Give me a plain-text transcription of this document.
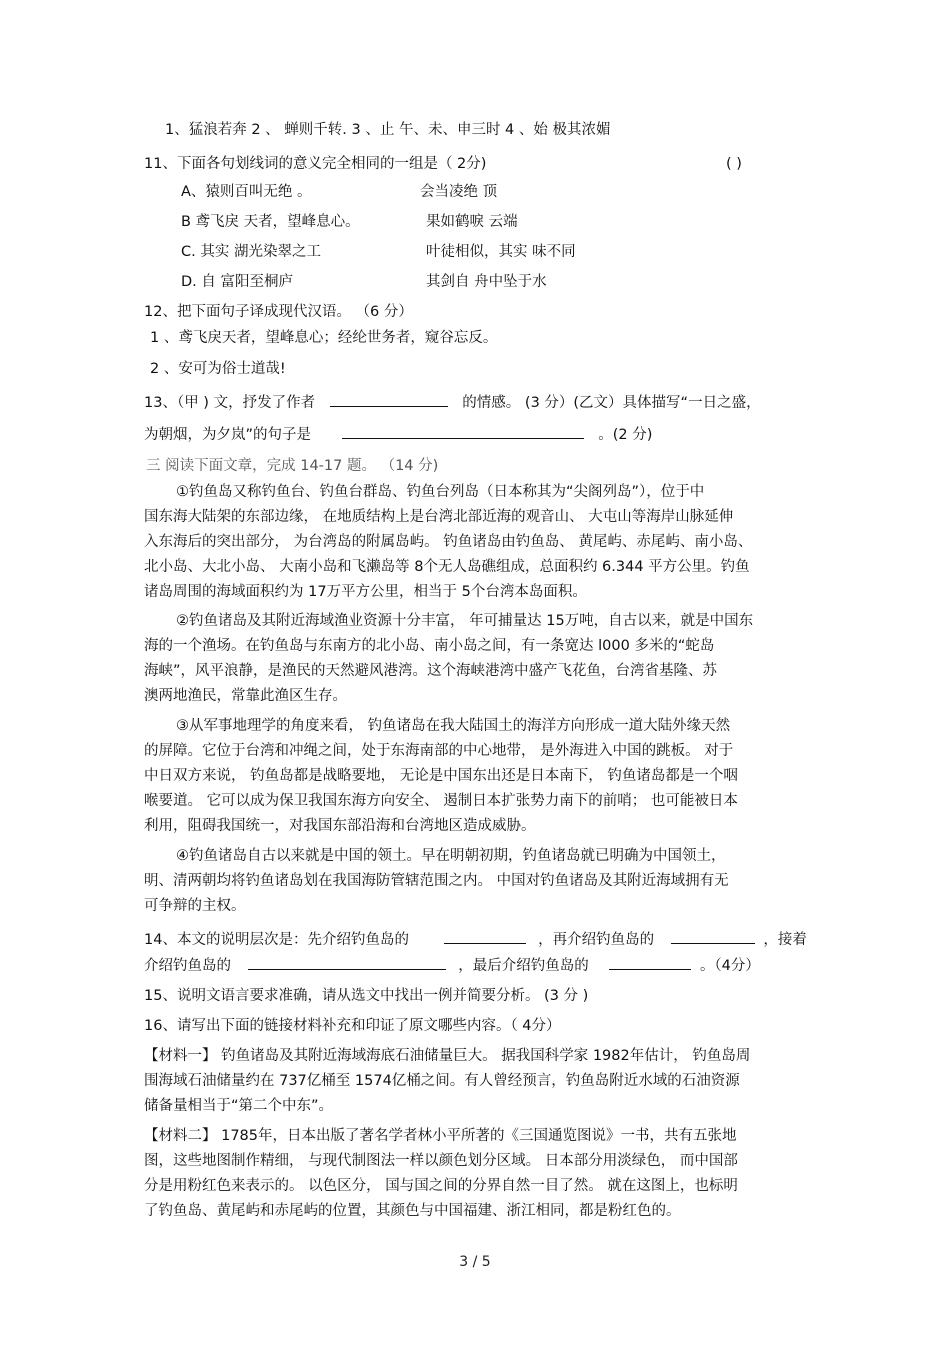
1、猛浪若奔 2 、 蝉则千转. 3 、止 午、未、申三时 4 、始 极其浓媚
11、下面各句划线词的意义完全相同的一组是（ 2分)	( )
A、猿则百叫无绝 。	会当凌绝 顶
B 鸢飞戾 天者，望峰息心。	果如鹤唳 云端
C. 其实 湖光染翠之工	叶徒相似，其实 味不同
D. 自 富阳至桐庐	其剑自 舟中坠于水
12、把下面句子译成现代汉语。 （6 分）
1 、鸢飞戾天者，望峰息心；经纶世务者，窥谷忘反。
2 、安可为俗士道哉!
13、（甲 ) 文，抒发了作者	的情感。 (3 分）(乙文）具体描写“一日之盛，
为朝烟，为夕岚”的句子是	。(2 分)
三 阅读下面文章，完成 14-17 题。 （14 分)
①钓鱼岛又称钓鱼台、钓鱼台群岛、钓鱼台列岛（日本称其为“尖阁列岛”），位于中
国东海大陆架的东部边缘， 在地质结构上是台湾北部近海的观音山、 大屯山等海岸山脉延伸
入东海后的突出部分， 为台湾岛的附属岛屿。 钓鱼诸岛由钓鱼岛、 黄尾屿、赤尾屿、南小岛、
北小岛、大北小岛、 大南小岛和飞濑岛等 8个无人岛礁组成，总面积约 6.344 平方公里。钓鱼
诸岛周围的海域面积约为 17万平方公里，相当于 5个台湾本岛面积。
②钓鱼诸岛及其附近海域渔业资源十分丰富， 年可捕量达 15万吨，自古以来，就是中国东
海的一个渔场。在钓鱼岛与东南方的北小岛、南小岛之间，有一条宽达 l000 多米的“蛇岛
海峡”，风平浪静，是渔民的天然避风港湾。这个海峡港湾中盛产飞花鱼，台湾省基隆、苏
澳两地渔民，常靠此渔区生存。
③从军事地理学的角度来看， 钓鱼诸岛在我大陆国土的海洋方向形成一道大陆外缘天然
的屏障。它位于台湾和冲绳之间，处于东海南部的中心地带， 是外海进入中国的跳板。 对于
中日双方来说， 钓鱼岛都是战略要地， 无论是中国东出还是日本南下， 钓鱼诸岛都是一个咽
喉要道。 它可以成为保卫我国东海方向安全、 遏制日本扩张势力南下的前哨； 也可能被日本
利用，阻碍我国统一，对我国东部沿海和台湾地区造成威胁。
④钓鱼诸岛自古以来就是中国的领土。早在明朝初期，钓鱼诸岛就已明确为中国领土，
明、清两朝均将钓鱼诸岛划在我国海防管辖范围之内。 中国对钓鱼诸岛及其附近海域拥有无
可争辩的主权。
14、本文的说明层次是：先介绍钓鱼岛的	，再介绍钓鱼岛的	，接着
介绍钓鱼岛的	，最后介绍钓鱼岛的	。（4分）
15、说明文语言要求准确，请从选文中找出一例并简要分析。 (3 分 )
16、请写出下面的链接材料补充和印证了原文哪些内容。（ 4分）
【材料一】 钓鱼诸岛及其附近海域海底石油储量巨大。 据我国科学家 1982年估计， 钓鱼岛周
围海域石油储量约在 737亿桶至 1574亿桶之间。有人曾经预言，钓鱼岛附近水域的石油资源
储备量相当于“第二个中东”。
【材料二】 1785年，日本出版了著名学者林小平所著的《三国通览图说》一书，共有五张地
图，这些地图制作精细， 与现代制图法一样以颜色划分区域。 日本部分用淡绿色， 而中国部
分是用粉红色来表示的。 以色区分， 国与国之间的分界自然一目了然。 就在这图上，也标明
了钓鱼岛、黄尾屿和赤尾屿的位置，其颜色与中国福建、浙江相同，都是粉红色的。
3 / 5
